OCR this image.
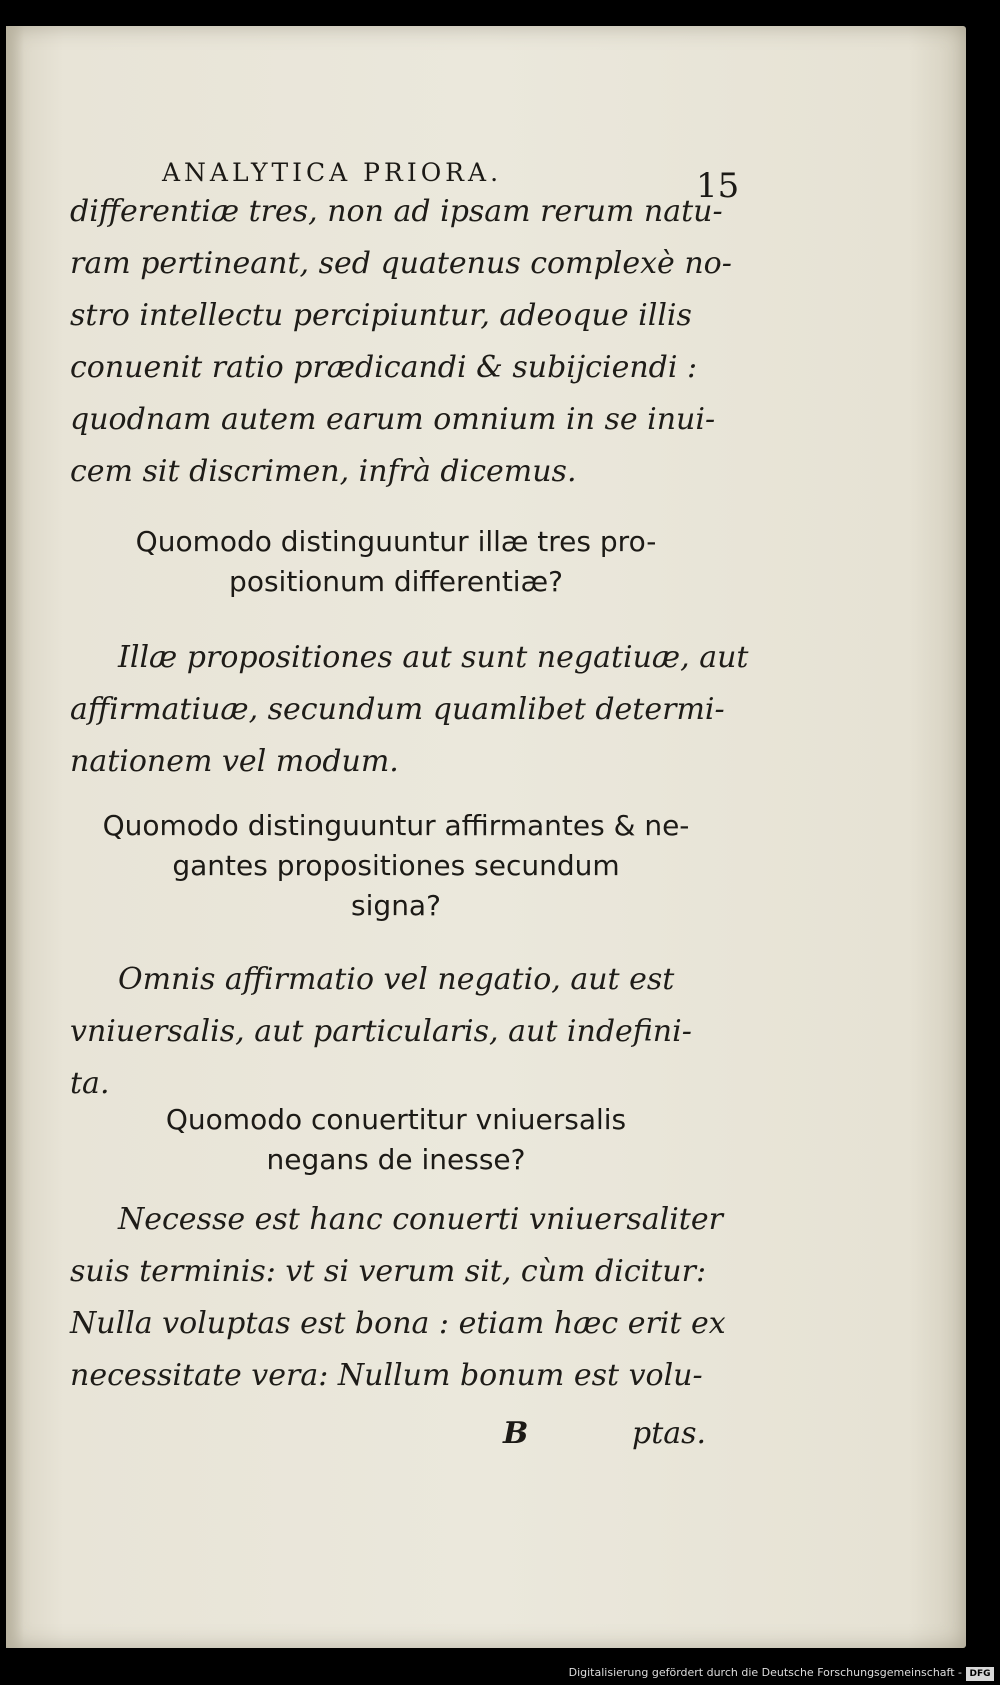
ANALYTICA PRIORA.	15
differentiæ tres, non ad ipsam rerum natu-
ram pertineant, sed quatenus complexè no-
stro intellectu percipiuntur, adeoque illis
conuenit ratio prædicandi & subijciendi :
quodnam autem earum omnium in se inui-
cem sit discrimen, infrà dicemus.
Quomodo distinguuntur illæ tres pro-
positionum differentiæ?
Illæ propositiones aut sunt negatiuæ, aut
affirmatiuæ, secundum quamlibet determi-
nationem vel modum.
Quomodo distinguuntur affirmantes & ne-
gantes propositiones secundum
signa?
Omnis affirmatio vel negatio, aut est
vniuersalis, aut particularis, aut indefini-
ta.
Quomodo conuertitur vniuersalis
negans de inesse?
Necesse est hanc conuerti vniuersaliter
suis terminis: vt si verum sit, cùm dicitur:
Nulla voluptas est bona : etiam hæc erit ex
necessitate vera: Nullum bonum est volu-
B	ptas.
Digitalisierung gefördert durch die Deutsche Forschungsgemeinschaft - DFG
